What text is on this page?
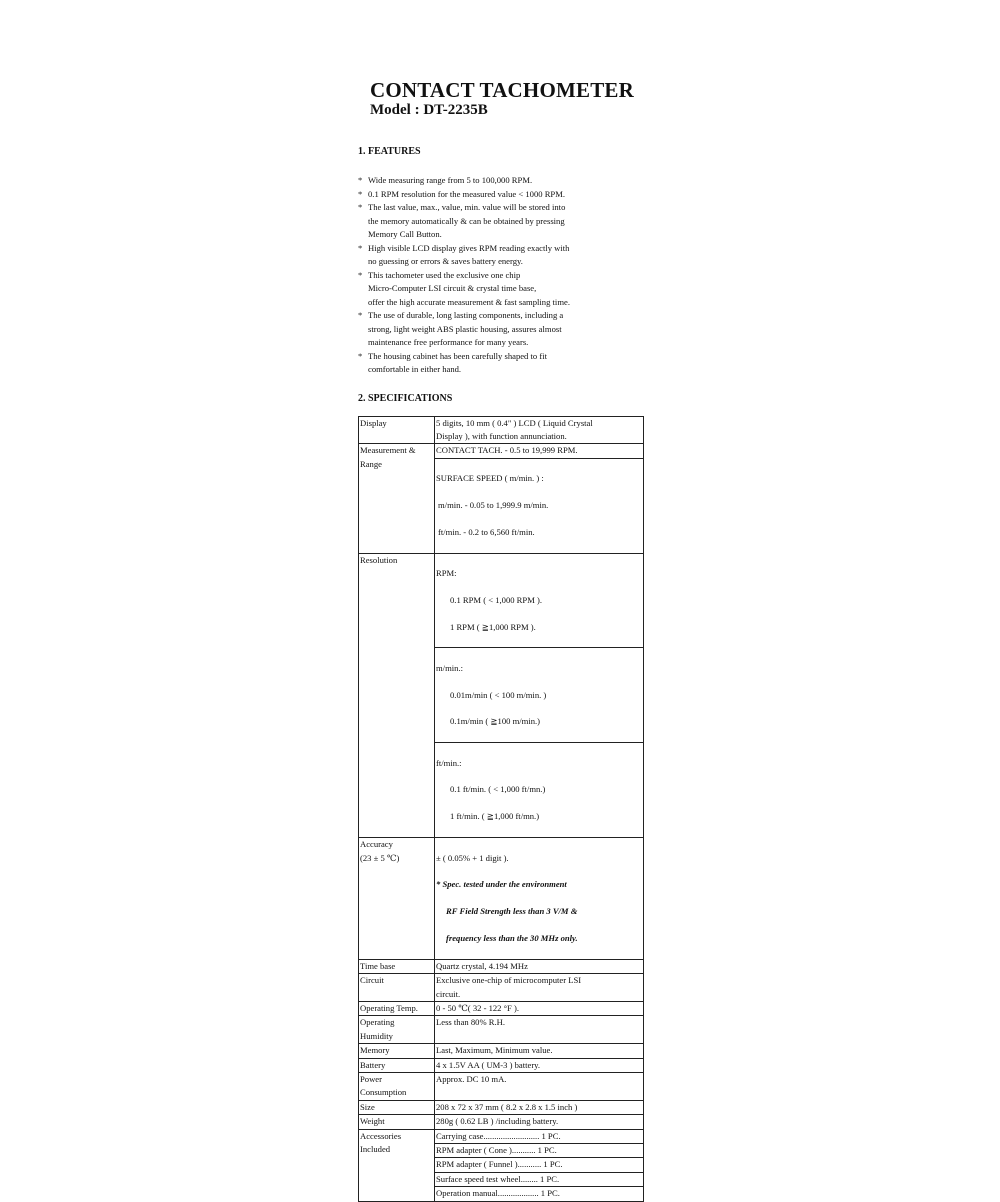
CONTACT TACHOMETER
Model : DT-2235B
1. FEATURES
* Wide measuring range from 5 to 100,000 RPM.
* 0.1 RPM resolution for the measured value < 1000 RPM.
* The last value, max., value, min. value will be stored into
the memory automatically & can be obtained by pressing
Memory Call Button.
* High visible LCD display gives RPM reading exactly with
no guessing or errors & saves battery energy.
* This tachometer used the exclusive one chip
Micro-Computer LSI circuit & crystal time base,
offer the high accurate measurement & fast sampling time.
* The use of durable, long lasting components, including a
strong, light weight ABS plastic housing, assures almost
maintenance free performance for many years.
* The housing cabinet has been carefully shaped to fit
comfortable in either hand.
2. SPECIFICATIONS
Display	5 digits, 10 mm ( 0.4" ) LCD ( Liquid Crystal
Display ), with function annunciation.
Measurement &
Range	CONTACT TACH. - 0.5 to 19,999 RPM.

	SURFACE SPEED ( m/min. ) :

m/min. - 0.05 to 1,999.9 m/min.

ft/min. - 0.2 to 6,560 ft/min.

Resolution	RPM:

0.1 RPM ( < 1,000 RPM ).

1 RPM ( ≧1,000 RPM ).

	m/min.:

0.01m/min ( < 100 m/min. )

0.1m/min ( ≧100 m/min.)

	ft/min.:

0.1 ft/min. ( < 1,000 ft/mn.)

1 ft/min. ( ≧1,000 ft/mn.)

Accuracy
(23 ± 5 ℃)	± ( 0.05% + 1 digit ).

* Spec. tested under the environment

RF Field Strength less than 3 V/M &

frequency less than the 30 MHz only.

Time base	Quartz crystal, 4.194 MHz
Circuit	Exclusive one-chip of microcomputer LSI
circuit.
Operating Temp.	0 - 50 ℃( 32 - 122 °F ).
Operating
Humidity	Less than 80% R.H.
Memory	Last, Maximum, Minimum value.
Battery	4 x 1.5V AA ( UM-3 ) battery.
Power
Consumption	Approx. DC 10 mA.
Size	208 x 72 x 37 mm ( 8.2 x 2.8 x 1.5 inch )
Weight	280g ( 0.62 LB ) /including battery.
Accessories
Included	Carrying case.......................... 1 PC.
	RPM adapter ( Cone )........... 1 PC.
	RPM adapter ( Funnel )........... 1 PC.
	Surface speed test wheel........ 1 PC.
	Operation manual................... 1 PC.
